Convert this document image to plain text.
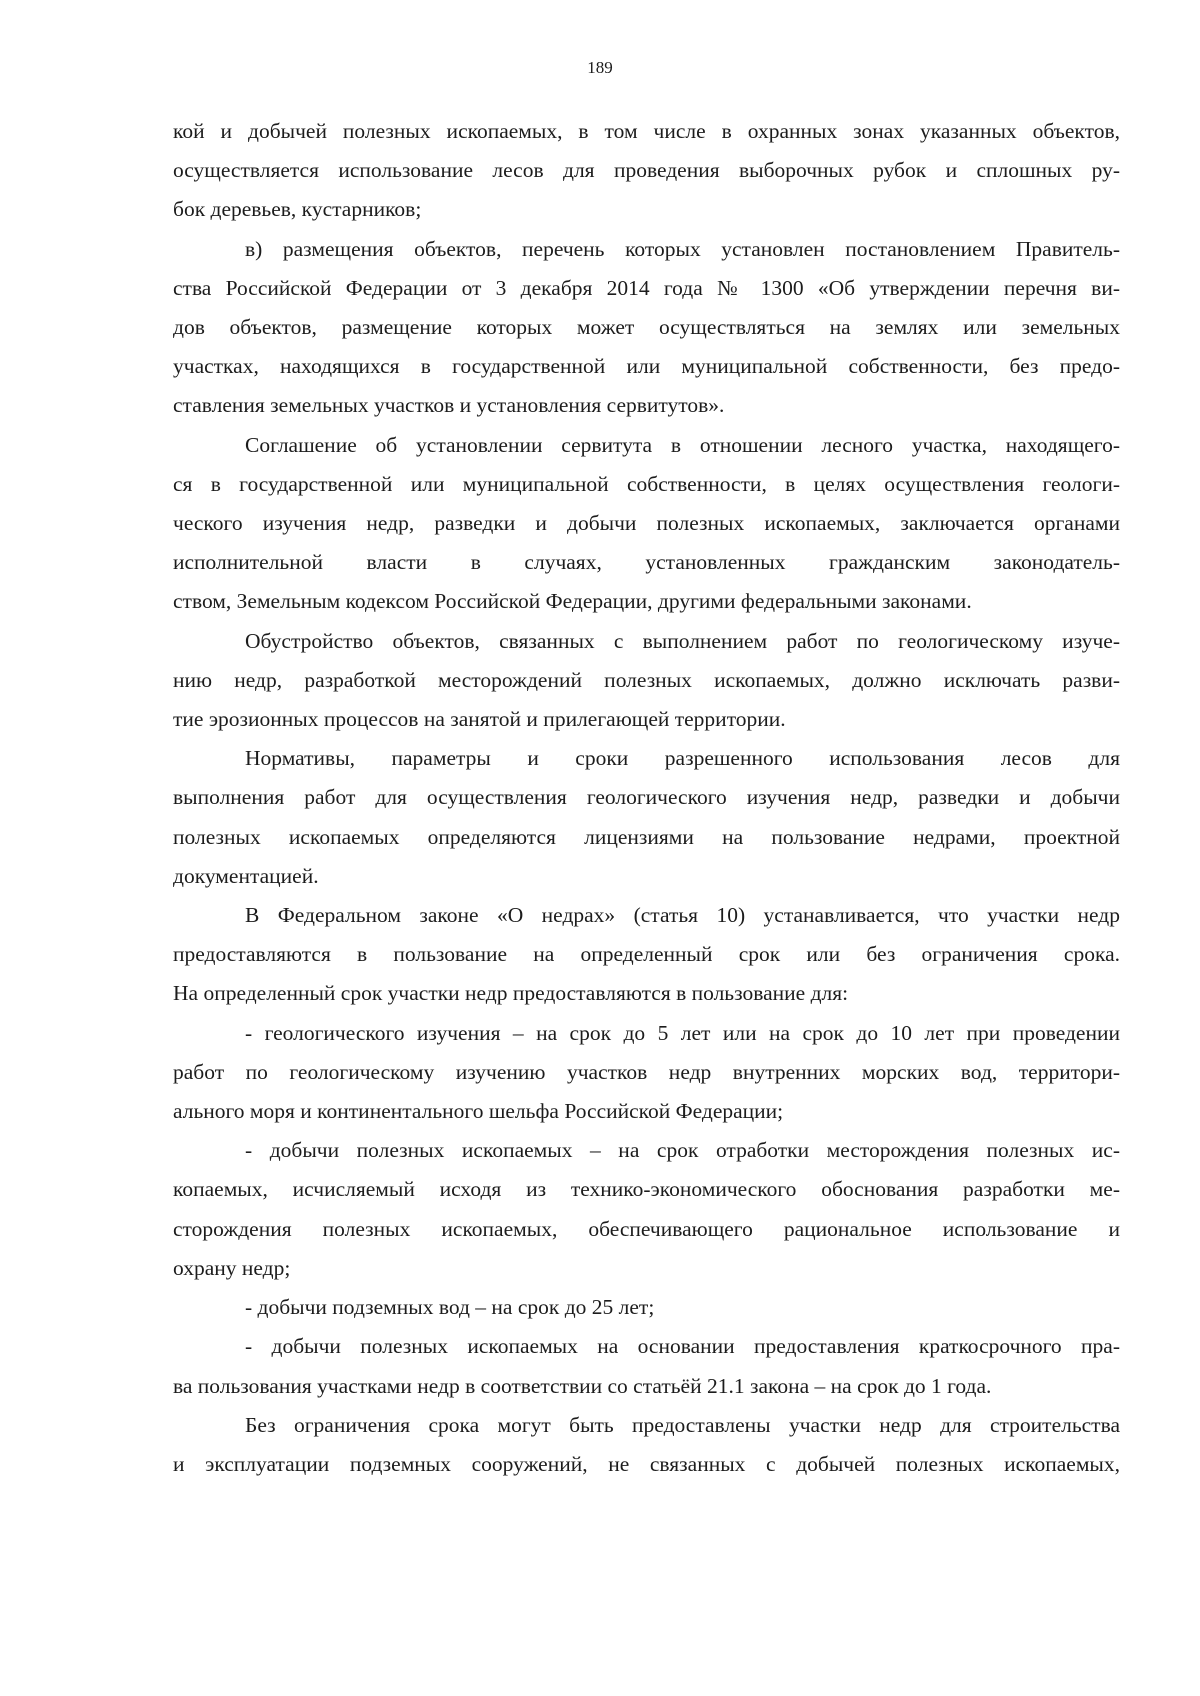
189

кой и добычей полезных ископаемых, в том числе в охранных зонах указанных объектов,
осуществляется использование лесов для проведения выборочных рубок и сплошных ру-
бок деревьев, кустарников;

в) размещения объектов, перечень которых установлен постановлением Правитель-
ства Российской Федерации от 3 декабря 2014 года № 1300 «Об утверждении перечня ви-
дов объектов, размещение которых может осуществляться на землях или земельных
участках, находящихся в государственной или муниципальной собственности, без предо-
ставления земельных участков и установления сервитутов».

Соглашение об установлении сервитута в отношении лесного участка, находящего-
ся в государственной или муниципальной собственности, в целях осуществления геологи-
ческого изучения недр, разведки и добычи полезных ископаемых, заключается органами
исполнительной власти в случаях, установленных гражданским законодатель-
ством, Земельным кодексом Российской Федерации, другими федеральными законами.

Обустройство объектов, связанных с выполнением работ по геологическому изуче-
нию недр, разработкой месторождений полезных ископаемых, должно исключать разви-
тие эрозионных процессов на занятой и прилегающей территории.

Нормативы, параметры и сроки разрешенного использования лесов для
выполнения работ для осуществления геологического изучения недр, разведки и добычи
полезных ископаемых определяются лицензиями на пользование недрами, проектной
документацией.

В Федеральном законе «О недрах» (статья 10) устанавливается, что участки недр
предоставляются в пользование на определенный срок или без ограничения срока.
На определенный срок участки недр предоставляются в пользование для:

- геологического изучения – на срок до 5 лет или на срок до 10 лет при проведении
работ по геологическому изучению участков недр внутренних морских вод, территори-
ального моря и континентального шельфа Российской Федерации;

- добычи полезных ископаемых – на срок отработки месторождения полезных ис-
копаемых, исчисляемый исходя из технико-экономического обоснования разработки ме-
сторождения полезных ископаемых, обеспечивающего рациональное использование и
охрану недр;

- добычи подземных вод – на срок до 25 лет;

- добычи полезных ископаемых на основании предоставления краткосрочного пра-
ва пользования участками недр в соответствии со статьёй 21.1 закона – на срок до 1 года.

Без ограничения срока могут быть предоставлены участки недр для строительства
и эксплуатации подземных сооружений, не связанных с добычей полезных ископаемых,
